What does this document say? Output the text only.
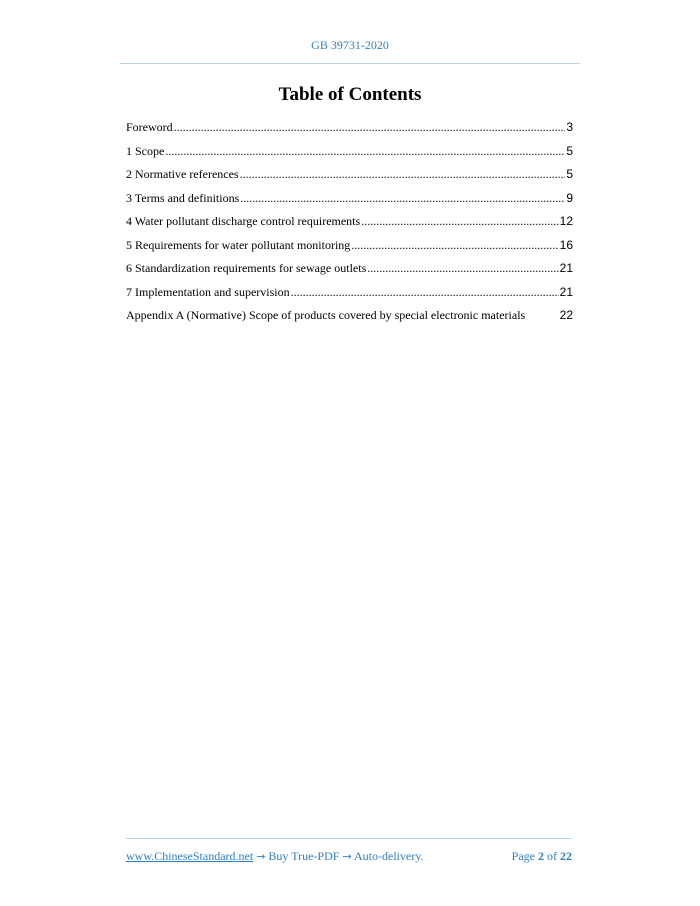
GB 39731-2020
Table of Contents
Foreword .....	3
1 Scope .....	5
2 Normative references .....	5
3 Terms and definitions .....	9
4 Water pollutant discharge control requirements .....	12
5 Requirements for water pollutant monitoring .....	16
6 Standardization requirements for sewage outlets .....	21
7 Implementation and supervision .....	21
Appendix A (Normative) Scope of products covered by special electronic materials	22
www.ChineseStandard.net → Buy True-PDF → Auto-delivery.	Page 2 of 22
